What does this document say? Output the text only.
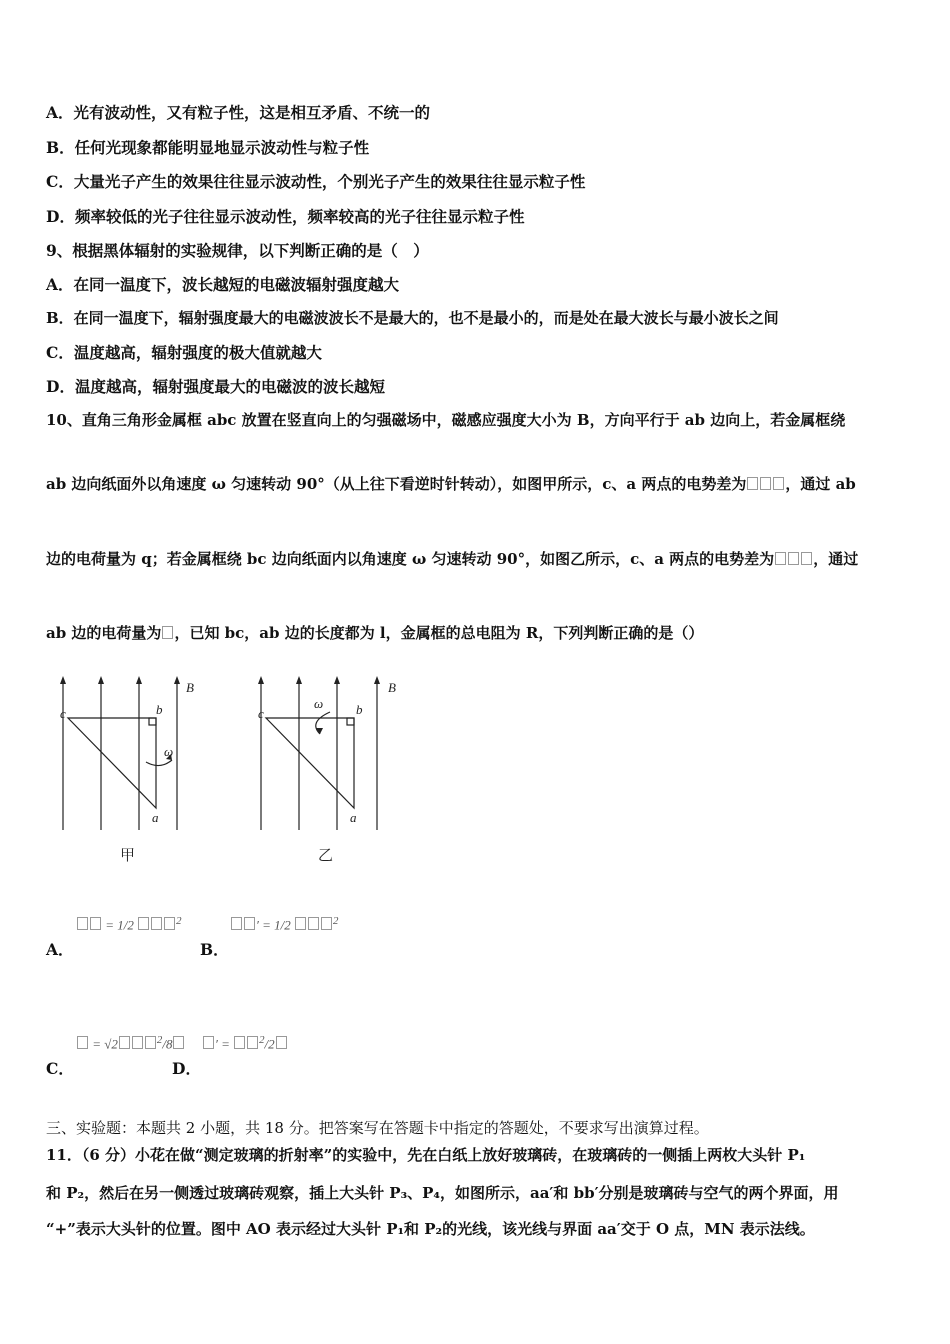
A．光有波动性，又有粒子性，这是相互矛盾、不统一的
B．任何光现象都能明显地显示波动性与粒子性
C．大量光子产生的效果往往显示波动性，个别光子产生的效果往往显示粒子性
D．频率较低的光子往往显示波动性，频率较高的光子往往显示粒子性
9、根据黑体辐射的实验规律，以下判断正确的是（　）
A．在同一温度下，波长越短的电磁波辐射强度越大
B．在同一温度下，辐射强度最大的电磁波波长不是最大的，也不是最小的，而是处在最大波长与最小波长之间
C．温度越高，辐射强度的极大值就越大
D．温度越高，辐射强度最大的电磁波的波长越短
10、直角三角形金属框 abc 放置在竖直向上的匀强磁场中，磁感应强度大小为 B，方向平行于 ab 边向上，若金属框绕
ab 边向纸面外以角速度 ω 匀速转动 90°（从上往下看逆时针转动），如图甲所示，c、a 两点的电势差为	，通过 ab
边的电荷量为 q；若金属框绕 bc 边向纸面内以角速度 ω 匀速转动 90°，如图乙所示，c、a 两点的电势差为	，通过
ab 边的电荷量为 ，已知 bc，ab 边的长度都为 l，金属框的总电阻为 R，下列判断正确的是（）
B
c	b
a
ω
甲
B
c	b
a
ω
乙
A．
= 1/2	$^2$
B．
′ = 1/2	$^2$
C．
= √2	$^2$/8
D．
′ =	$^2$/2
三、实验题：本题共 2 小题，共 18 分。把答案写在答题卡中指定的答题处，不要求写出演算过程。
11．（6 分）小花在做“测定玻璃的折射率”的实验中，先在白纸上放好玻璃砖，在玻璃砖的一侧插上两枚大头针 P₁
和 P₂，然后在另一侧透过玻璃砖观察，插上大头针 P₃、P₄，如图所示，aa′和 bb′分别是玻璃砖与空气的两个界面，用
“+”表示大头针的位置。图中 AO 表示经过大头针 P₁和 P₂的光线，该光线与界面 aa′交于 O 点，MN 表示法线。
